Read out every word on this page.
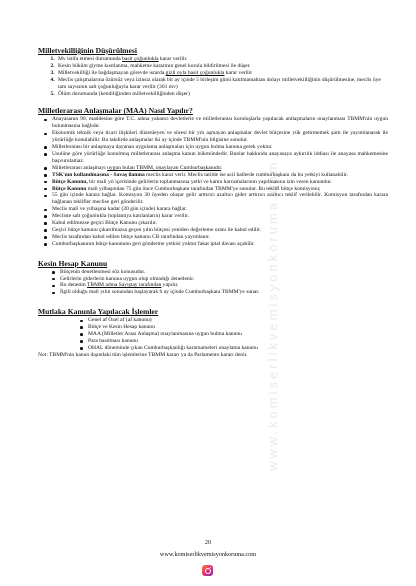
www.komiserlikvemisyonkoruma.com
Milletvekilliğinin Düşürülmesi
1. Mv istifa etmesi durumunda basit çoğunlukla karar verilir.
2. Kesin hüküm giyme kısıtlanma, mahkeme kararının genel kurula bildirilmesi ile düşer.
3. Milletvekilliği ile bağdaşmayan görevde ısrarda gizli oyla basit çoğunlukla karar verilir
4. Meclis çalışmalarına özürsüz veya izinsiz olarak bir ay içinde 5 birleşim günü katılmamaktan dolayı milletvekilliğinin düşürülmesine, meclis üye tam sayısının salt çoğunluğuyla karar verilir (301 mv)
5. Ölüm durumunda (kendiliğinden milletvekilliğinden düşer)
Milletlerarası Anlaşmalar (MAA) Nasıl Yapılır?
Anayasanın 90. maddesine göre T.C. adına yabancı devletlerle ve milletlerarası kuruluşlarla yapılacak antlaşmaların onaylanması TBMM'nin uygun bulunmasına bağlıdır.
Ekonomik teknik veya ticari ilişkileri düzenleyen ve süresi bir yılı aşmayan anlaşmalar devlet bütçesine yük getirmemek şartı ile yayımlanarak ile yürürlüğe konulabilir. Bu takdirde anlaşmalar iki ay içinde TBMM'nin bilgisine sunulur.
Milletlerarası bir anlaşmaya dayanan uygulama anlaşmaları için uygun bulma kanuna gerek yoktur.
Usulüne göre yürürlüğe konulmuş milletlerarası anlaşma kanun hükmündedir. Bunlar hakkında anayasaya aykırılık iddiası ile anayasa mahkemesine başvurulamaz.
Milletlerarası anlaşmayı uygun bulan TBMM, onaylayan Cumhurbaşkanıdır.
TSK'nın kullanılmasına - Savaş ilanına meclis karar verir. Meclis tatilde ise acil hallerde cumhurbaşkanı da bu yetkiyi kullanabilir.
Bütçe Kanunu, bir mali yıl içerisinde gelirlerin toplanmasına yetki ve kamu harcamalarının yapılmasına izin veren kanundur.
Bütçe Kanunu mali yılbaşından 75 gün önce Cumhurbaşkanı tarafından TBMM'ye sunulur. Bu teklifi bütçe komisyonu;
55 gün içinde karara bağlar. Komisyon 30 üyeden oluşur gelir arttırıcı azaltıcı gider arttırıcı azaltıcı teklif verilebilir. Komisyon tarafından karara bağlanan teklifler meclise geri gönderilir.
Meclis mali ve yılbaşına kadar (20 gün içinde) karara bağlar.
Mecliste salt çoğunlukla (toplantıya katılanların) karar verilir.
Kabul edilmezse geçici Bütçe Kanunu çıkarılır.
Geçici bütçe kanunu çıkarılmazsa geçen yılın bütçesi yeniden değerleme oranı ile kabul edilir.
Meclis tarafından kabul edilen bütçe kanunu CB tarafından yayımlanır.
Cumhurbaşkanının bütçe kanununu geri gönderme yetkisi yoktur fakat iptal davası açabilir.
Kesin Hesap Kanunu
Bütçenin denetlenmesi söz konusudur.
Gelirlerin giderlerin kanuna uygun olup olmadığı denetlenir.
Bu denetim TBMM adına Sayıştay tarafından yapılır.
İlgili olduğu mali yılın sonundan başlayarak 6 ay içinde Cumhurbaşkanı TBMM'ye sunar.
Mutlaka Kanunla Yapılacak İşlemler
Genel af Özel af (af kanunu)
Bütçe ve Kesin Hesap kanunu
MAA (Milletler Arası Anlaşma) onaylanmasına uygun bulma kanunu
Para basılması kanunu
OHAL döneminde çıkan Cumhurbaşkanlığı kararnameleri onaylama kanunu
Not: TBMM'nin kanun dışındaki tüm işlemlerine TBMM kararı ya da Parlamento kararı denir.
20
www.komiserlikvemisyonkoruma.com
